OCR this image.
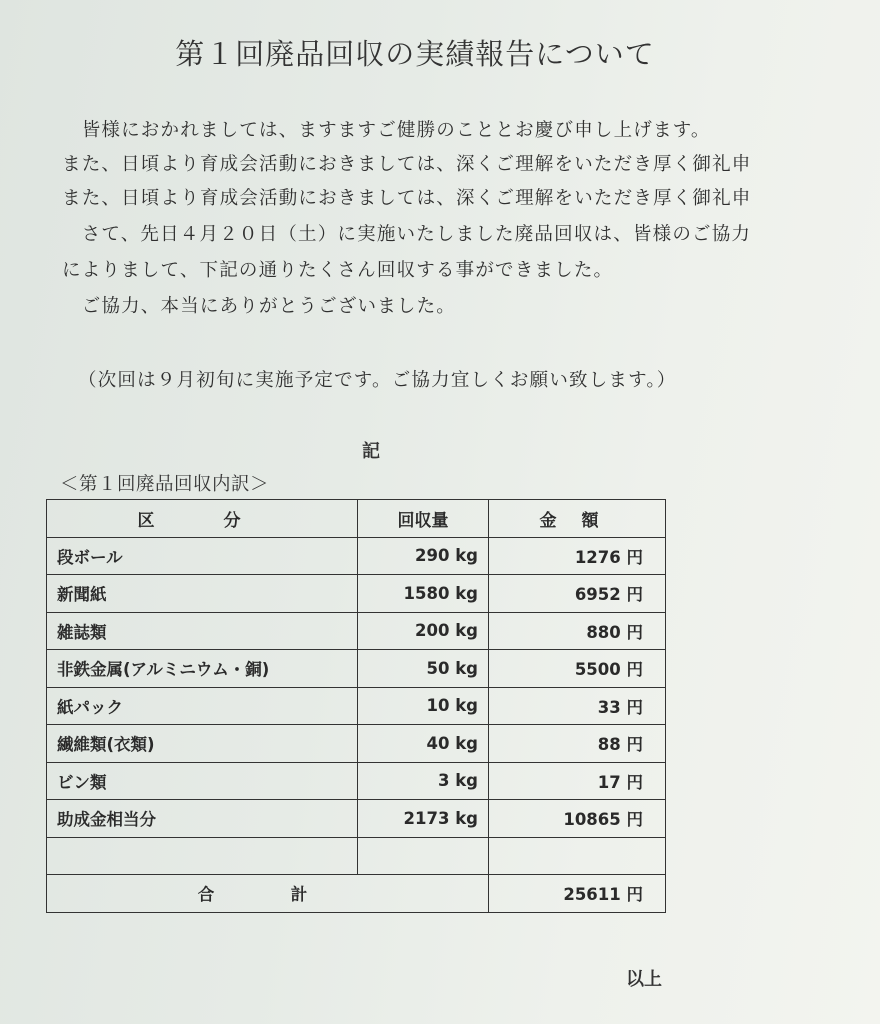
第１回廃品回収の実績報告について
　皆様におかれましては、ますますご健勝のこととお慶び申し上げます。
また、日頃より育成会活動におきましては、深くご理解をいただき厚く御礼申
また、日頃より育成会活動におきましては、深くご理解をいただき厚く御礼申
　さて、先日４月２０日（土）に実施いたしました廃品回収は、皆様のご協力
によりまして、下記の通りたくさん回収する事ができました。
　ご協力、本当にありがとうございました。
（次回は９月初旬に実施予定です。ご協力宜しくお願い致します。）
記
＜第１回廃品回収内訳＞
区　分	回収量	金　額
段ボール	290 kg	1276 円
新聞紙	1580 kg	6952 円
雑誌類	200 kg	880 円
非鉄金属(アルミニウム・銅)	50 kg	5500 円
紙パック	10 kg	33 円
繊維類(衣類)	40 kg	88 円
ビン類	3 kg	17 円
助成金相当分	2173 kg	10865 円

合　計		25611 円
以上
